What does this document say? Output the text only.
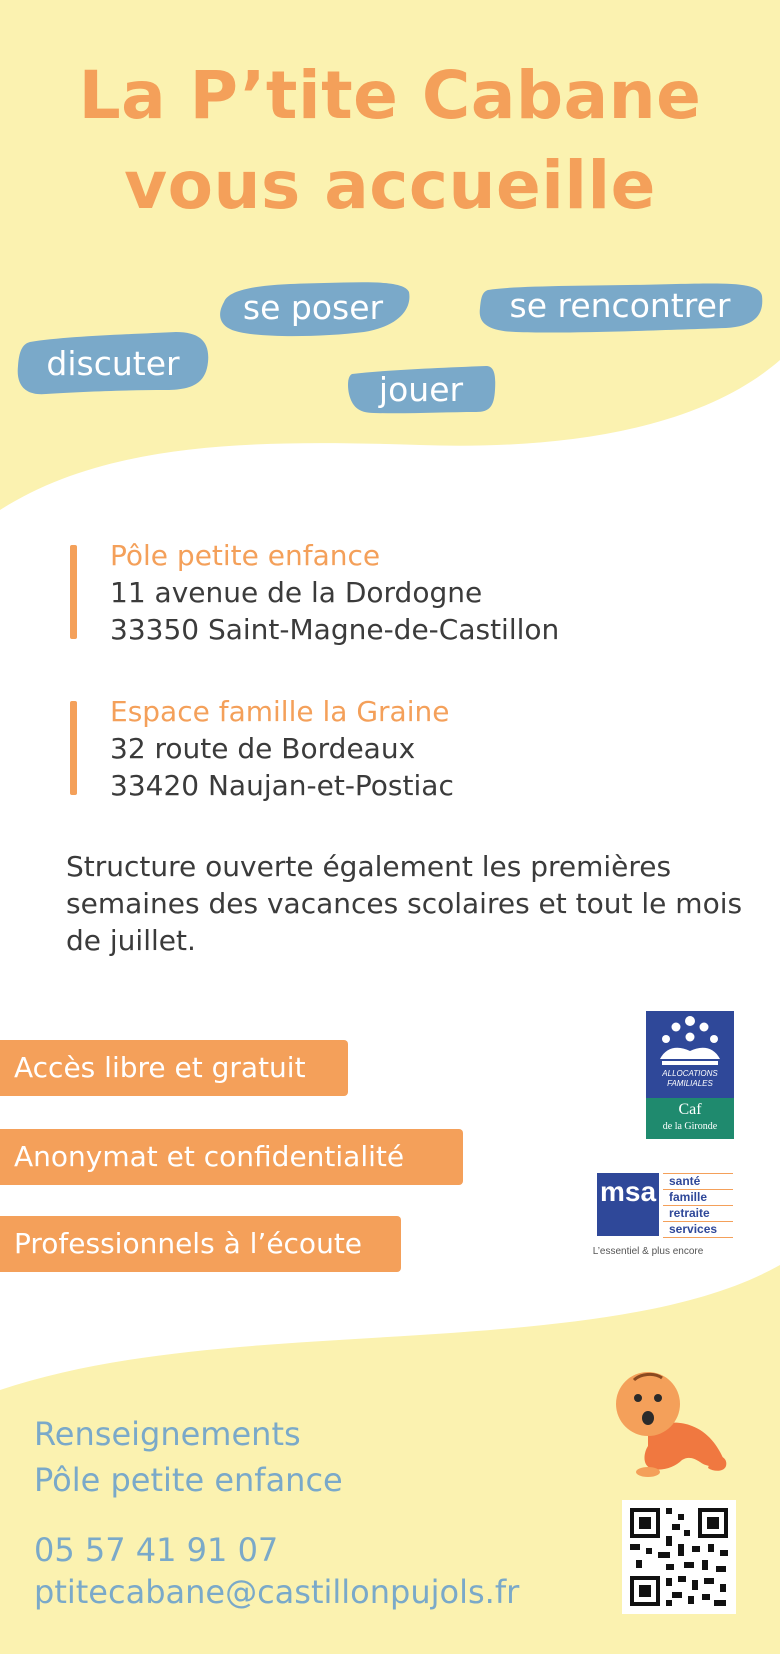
La P’tite Cabane
vous accueille
se poser	se rencontrer
discuter
jouer
Pôle petite enfance
11 avenue de la Dordogne
33350 Saint-Magne-de-Castillon
Espace famille la Graine
32 route de Bordeaux
33420 Naujan-et-Postiac

Structure ouverte également les premières semaines des vacances scolaires et tout le mois de juillet.

Accès libre et gratuit
Anonymat et confidentialité
Professionnels à l’écoute
ALLOCATIONS
FAMILIALES
Caf
de la Gironde
msa santé
famille
retraite
services
L’essentiel & plus encore
Renseignements
Pôle petite enfance
05 57 41 91 07
ptitecabane@castillonpujols.fr
